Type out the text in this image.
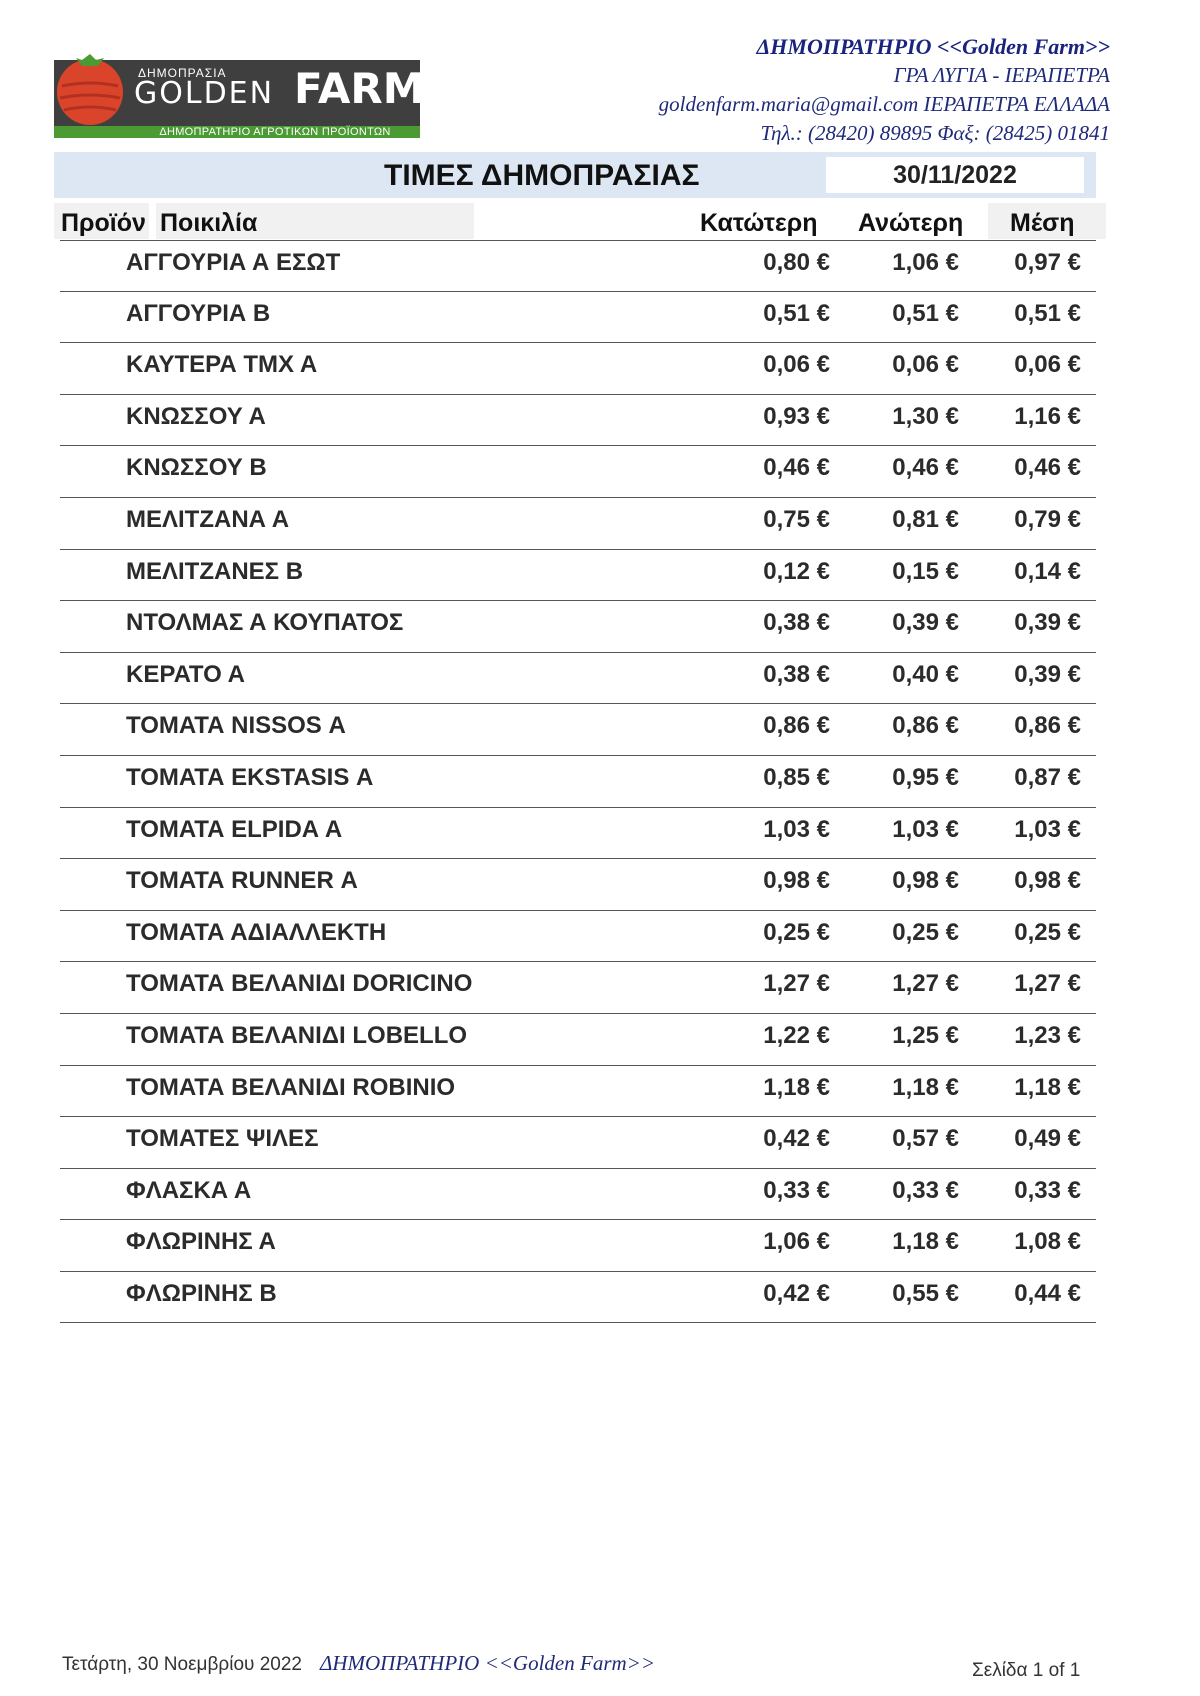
ΔΗΜΟΠΡΑΣΙΑ
GOLDEN FARM
ΔΗΜΟΠΡΑΤΗΡΙΟ ΑΓΡΟΤΙΚΩΝ ΠΡΟΪΟΝΤΩΝ
ΔΗΜΟΠΡΑΤΗΡΙΟ <<Golden Farm>>
ΓΡΑ ΛΥΓΙΑ - ΙΕΡΑΠΕΤΡΑ
goldenfarm.maria@gmail.com ΙΕΡΑΠΕΤΡΑ ΕΛΛΑΔΑ
Τηλ.: (28420) 89895 Φαξ: (28425) 01841
ΤΙΜΕΣ ΔΗΜΟΠΡΑΣΙΑΣ	30/11/2022
Προϊόν Ποικιλία	Κατώτερη	Ανώτερη	Μέση
ΑΓΓΟΥΡΙΑ Α ΕΣΩΤ	0,80 €	1,06 €	0,97 €
ΑΓΓΟΥΡΙΑ Β	0,51 €	0,51 €	0,51 €
ΚΑΥΤΕΡΑ ΤΜΧ Α	0,06 €	0,06 €	0,06 €
ΚΝΩΣΣΟΥ Α	0,93 €	1,30 €	1,16 €
ΚΝΩΣΣΟΥ Β	0,46 €	0,46 €	0,46 €
ΜΕΛΙΤΖΑΝΑ Α	0,75 €	0,81 €	0,79 €
ΜΕΛΙΤΖΑΝΕΣ Β	0,12 €	0,15 €	0,14 €
ΝΤΟΛΜΑΣ Α ΚΟΥΠΑΤΟΣ	0,38 €	0,39 €	0,39 €
ΚΕΡΑΤΟ Α	0,38 €	0,40 €	0,39 €
ΤΟΜΑΤΑ NISSOS Α	0,86 €	0,86 €	0,86 €
ΤΟΜΑΤΑ EKSTASIS Α	0,85 €	0,95 €	0,87 €
ΤΟΜΑΤΑ ELPIDA Α	1,03 €	1,03 €	1,03 €
ΤΟΜΑΤΑ RUNNER Α	0,98 €	0,98 €	0,98 €
ΤΟΜΑΤΑ ΑΔΙΑΛΛΕΚΤΗ	0,25 €	0,25 €	0,25 €
ΤΟΜΑΤΑ ΒΕΛΑΝΙΔΙ DORICINO	1,27 €	1,27 €	1,27 €
ΤΟΜΑΤΑ ΒΕΛΑΝΙΔΙ LOBELLO	1,22 €	1,25 €	1,23 €
ΤΟΜΑΤΑ ΒΕΛΑΝΙΔΙ ROBINIO	1,18 €	1,18 €	1,18 €
ΤΟΜΑΤΕΣ ΨΙΛΕΣ	0,42 €	0,57 €	0,49 €
ΦΛΑΣΚΑ Α	0,33 €	0,33 €	0,33 €
ΦΛΩΡΙΝΗΣ Α	1,06 €	1,18 €	1,08 €
ΦΛΩΡΙΝΗΣ Β	0,42 €	0,55 €	0,44 €
Τετάρτη, 30 Νοεμβρίου 2022 ΔΗΜΟΠΡΑΤΗΡΙΟ <<Golden Farm>>	Σελίδα 1 of 1
